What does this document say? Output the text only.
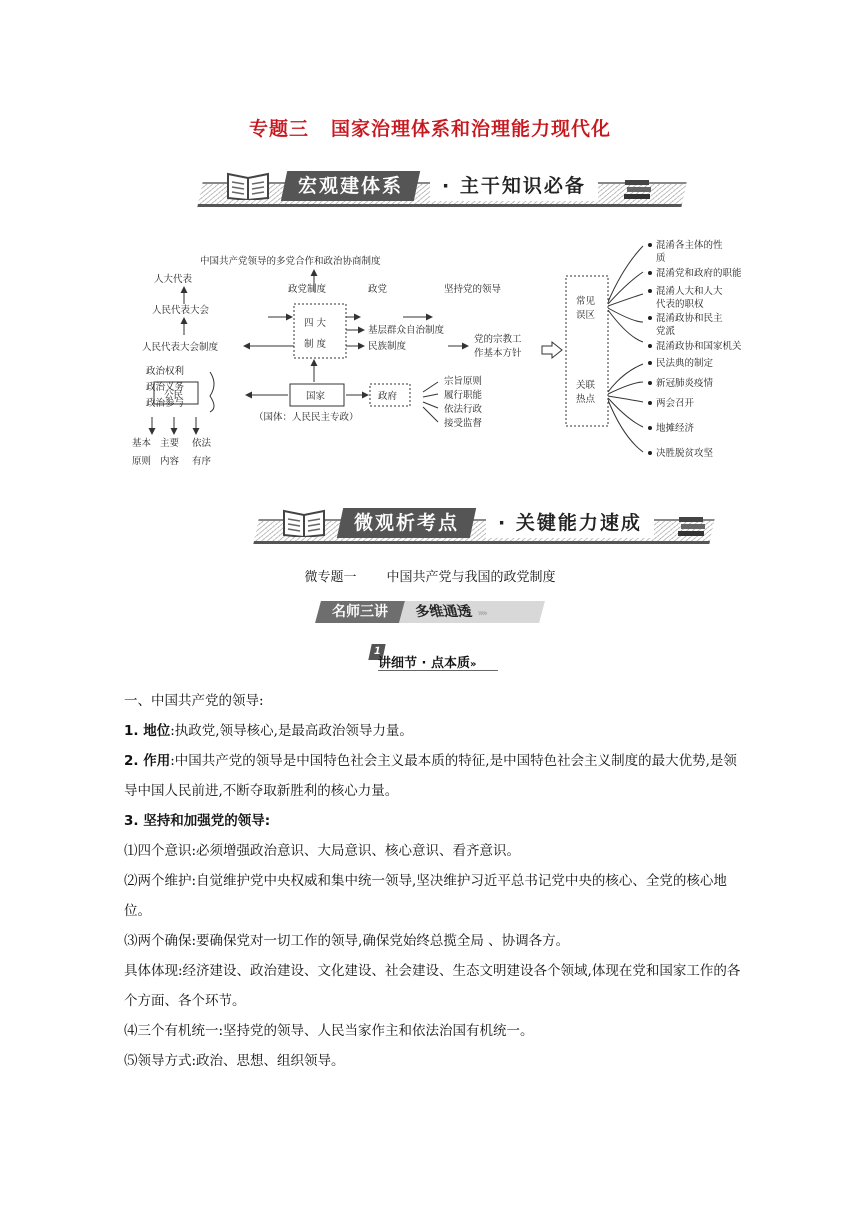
专题三 国家治理体系和治理能力现代化
宏观建体系	· 主干知识必备
中国共产党领导的多党合作和政治协商制度
人大代表
人民代表大会
人民代表大会制度
政党制度	政党	坚持党的领导
四 大
制 度
基层群众自治制度
民族制度
党的宗教工
作基本方针
政治权利
政治义务
政治参与
公民	国家
（国体：人民民主专政）
政府
宗旨原则
履行职能
依法行政
接受监督
基本
原则
主要
内容
依法
有序
常见
误区
关联
热点
混淆各主体的性
质
混淆党和政府的职能
混淆人大和人大
代表的职权
混淆政协和民主
党派
混淆政协和国家机关
民法典的制定
新冠肺炎疫情
两会召开
地摊经济
决胜脱贫攻坚
微观析考点	· 关键能力速成
微专题一 中国共产党与我国的政党制度
名师三讲	多维通透 ››››
1
讲细节 · 点本质»

一、中国共产党的领导:

1. 地位:执政党,领导核心,是最高政治领导力量。

2. 作用:中国共产党的领导是中国特色社会主义最本质的特征,是中国特色社会主义制度的最大优势,是领导中国人民前进,不断夺取新胜利的核心力量。

3. 坚持和加强党的领导:

⑴四个意识:必须增强政治意识、大局意识、核心意识、看齐意识。

⑵两个维护:自觉维护党中央权威和集中统一领导,坚决维护习近平总书记党中央的核心、全党的核心地位。

⑶两个确保:要确保党对一切工作的领导,确保党始终总揽全局 、协调各方。

具体体现:经济建设、政治建设、文化建设、社会建设、生态文明建设各个领域,体现在党和国家工作的各个方面、各个环节。

⑷三个有机统一:坚持党的领导、人民当家作主和依法治国有机统一。

⑸领导方式:政治、思想、组织领导。
